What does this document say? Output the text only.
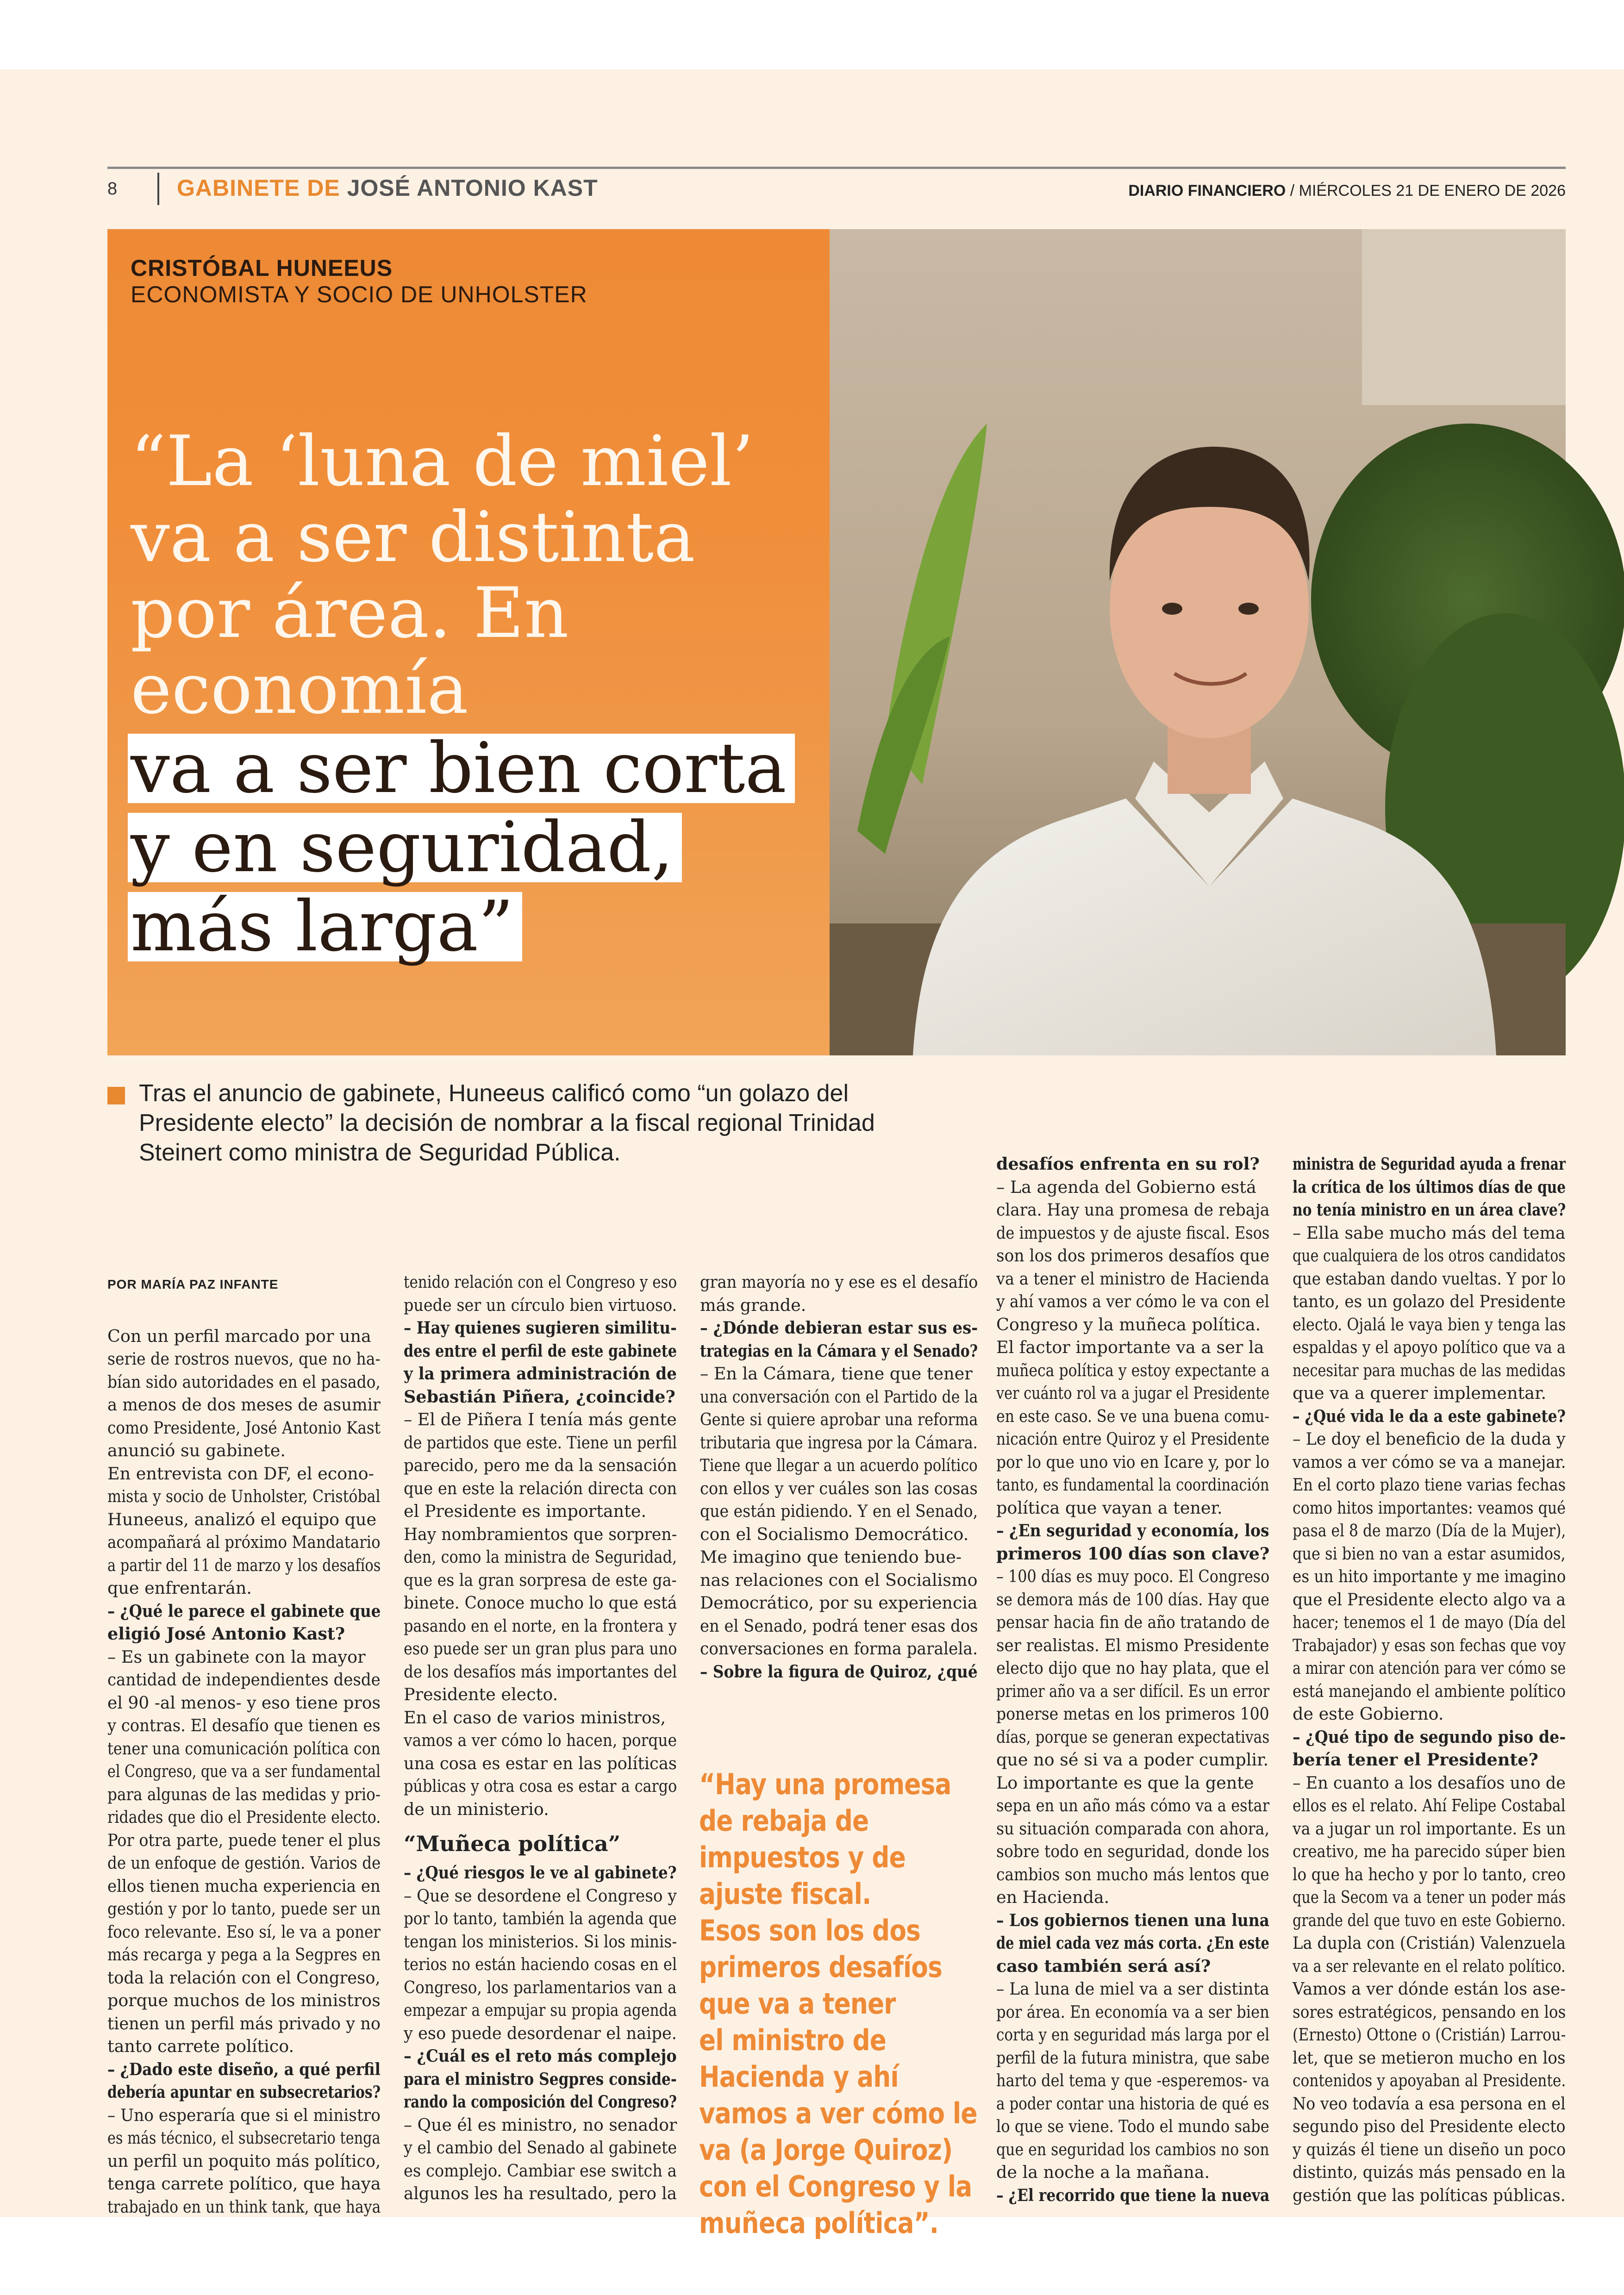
8	GABINETE DE JOSÉ ANTONIO KAST	DIARIO FINANCIERO / MIÉRCOLES 21 DE ENERO DE 2026
CRISTÓBAL HUNEEUS
ECONOMISTA Y SOCIO DE UNHOLSTER
“La ‘luna de miel’
va a ser distinta
por área. En
economía
va a ser bien corta
y en seguridad,
más larga”
Tras el anuncio de gabinete, Huneeus calificó como “un golazo del
Presidente electo” la decisión de nombrar a la fiscal regional Trinidad
Steinert como ministra de Seguridad Pública.
POR MARÍA PAZ INFANTE
Con un perfil marcado por una
serie de rostros nuevos, que no ha-
bían sido autoridades en el pasado,
a menos de dos meses de asumir
como Presidente, José Antonio Kast
anunció su gabinete.
En entrevista con DF, el econo-
mista y socio de Unholster, Cristóbal
Huneeus, analizó el equipo que
acompañará al próximo Mandatario
a partir del 11 de marzo y los desafíos
que enfrentarán.
– ¿Qué le parece el gabinete que
eligió José Antonio Kast?
– Es un gabinete con la mayor
cantidad de independientes desde
el 90 -al menos- y eso tiene pros
y contras. El desafío que tienen es
tener una comunicación política con
el Congreso, que va a ser fundamental
para algunas de las medidas y prio-
ridades que dio el Presidente electo.
Por otra parte, puede tener el plus
de un enfoque de gestión. Varios de
ellos tienen mucha experiencia en
gestión y por lo tanto, puede ser un
foco relevante. Eso sí, le va a poner
más recarga y pega a la Segpres en
toda la relación con el Congreso,
porque muchos de los ministros
tienen un perfil más privado y no
tanto carrete político.
– ¿Dado este diseño, a qué perfil
debería apuntar en subsecretarios?
– Uno esperaría que si el ministro
es más técnico, el subsecretario tenga
un perfil un poquito más político,
tenga carrete político, que haya
trabajado en un think tank, que haya
tenido relación con el Congreso y eso
puede ser un círculo bien virtuoso.
– Hay quienes sugieren similitu-
des entre el perfil de este gabinete
y la primera administración de
Sebastián Piñera, ¿coincide?
– El de Piñera I tenía más gente
de partidos que este. Tiene un perfil
parecido, pero me da la sensación
que en este la relación directa con
el Presidente es importante.
Hay nombramientos que sorpren-
den, como la ministra de Seguridad,
que es la gran sorpresa de este ga-
binete. Conoce mucho lo que está
pasando en el norte, en la frontera y
eso puede ser un gran plus para uno
de los desafíos más importantes del
Presidente electo.
En el caso de varios ministros,
vamos a ver cómo lo hacen, porque
una cosa es estar en las políticas
públicas y otra cosa es estar a cargo
de un ministerio.
“Muñeca política”
– ¿Qué riesgos le ve al gabinete?
– Que se desordene el Congreso y
por lo tanto, también la agenda que
tengan los ministerios. Si los minis-
terios no están haciendo cosas en el
Congreso, los parlamentarios van a
empezar a empujar su propia agenda
y eso puede desordenar el naipe.
– ¿Cuál es el reto más complejo
para el ministro Segpres conside-
rando la composición del Congreso?
– Que él es ministro, no senador
y el cambio del Senado al gabinete
es complejo. Cambiar ese switch a
algunos les ha resultado, pero la
gran mayoría no y ese es el desafío
más grande.
– ¿Dónde debieran estar sus es-
trategias en la Cámara y el Senado?
– En la Cámara, tiene que tener
una conversación con el Partido de la
Gente si quiere aprobar una reforma
tributaria que ingresa por la Cámara.
Tiene que llegar a un acuerdo político
con ellos y ver cuáles son las cosas
que están pidiendo. Y en el Senado,
con el Socialismo Democrático.
Me imagino que teniendo bue-
nas relaciones con el Socialismo
Democrático, por su experiencia
en el Senado, podrá tener esas dos
conversaciones en forma paralela.
– Sobre la figura de Quiroz, ¿qué
“Hay una promesa
de rebaja de
impuestos y de
ajuste fiscal.
Esos son los dos
primeros desafíos
que va a tener
el ministro de
Hacienda y ahí
vamos a ver cómo le
va (a Jorge Quiroz)
con el Congreso y la
muñeca política”.
desafíos enfrenta en su rol?
– La agenda del Gobierno está
clara. Hay una promesa de rebaja
de impuestos y de ajuste fiscal. Esos
son los dos primeros desafíos que
va a tener el ministro de Hacienda
y ahí vamos a ver cómo le va con el
Congreso y la muñeca política.
El factor importante va a ser la
muñeca política y estoy expectante a
ver cuánto rol va a jugar el Presidente
en este caso. Se ve una buena comu-
nicación entre Quiroz y el Presidente
por lo que uno vio en Icare y, por lo
tanto, es fundamental la coordinación
política que vayan a tener.
– ¿En seguridad y economía, los
primeros 100 días son clave?
– 100 días es muy poco. El Congreso
se demora más de 100 días. Hay que
pensar hacia fin de año tratando de
ser realistas. El mismo Presidente
electo dijo que no hay plata, que el
primer año va a ser difícil. Es un error
ponerse metas en los primeros 100
días, porque se generan expectativas
que no sé si va a poder cumplir.
Lo importante es que la gente
sepa en un año más cómo va a estar
su situación comparada con ahora,
sobre todo en seguridad, donde los
cambios son mucho más lentos que
en Hacienda.
– Los gobiernos tienen una luna
de miel cada vez más corta. ¿En este
caso también será así?
– La luna de miel va a ser distinta
por área. En economía va a ser bien
corta y en seguridad más larga por el
perfil de la futura ministra, que sabe
harto del tema y que -esperemos- va
a poder contar una historia de qué es
lo que se viene. Todo el mundo sabe
que en seguridad los cambios no son
de la noche a la mañana.
– ¿El recorrido que tiene la nueva
ministra de Seguridad ayuda a frenar
la crítica de los últimos días de que
no tenía ministro en un área clave?
– Ella sabe mucho más del tema
que cualquiera de los otros candidatos
que estaban dando vueltas. Y por lo
tanto, es un golazo del Presidente
electo. Ojalá le vaya bien y tenga las
espaldas y el apoyo político que va a
necesitar para muchas de las medidas
que va a querer implementar.
– ¿Qué vida le da a este gabinete?
– Le doy el beneficio de la duda y
vamos a ver cómo se va a manejar.
En el corto plazo tiene varias fechas
como hitos importantes: veamos qué
pasa el 8 de marzo (Día de la Mujer),
que si bien no van a estar asumidos,
es un hito importante y me imagino
que el Presidente electo algo va a
hacer; tenemos el 1 de mayo (Día del
Trabajador) y esas son fechas que voy
a mirar con atención para ver cómo se
está manejando el ambiente político
de este Gobierno.
– ¿Qué tipo de segundo piso de-
bería tener el Presidente?
– En cuanto a los desafíos uno de
ellos es el relato. Ahí Felipe Costabal
va a jugar un rol importante. Es un
creativo, me ha parecido súper bien
lo que ha hecho y por lo tanto, creo
que la Secom va a tener un poder más
grande del que tuvo en este Gobierno.
La dupla con (Cristián) Valenzuela
va a ser relevante en el relato político.
Vamos a ver dónde están los ase-
sores estratégicos, pensando en los
(Ernesto) Ottone o (Cristián) Larrou-
let, que se metieron mucho en los
contenidos y apoyaban al Presidente.
No veo todavía a esa persona en el
segundo piso del Presidente electo
y quizás él tiene un diseño un poco
distinto, quizás más pensado en la
gestión que las políticas públicas.
